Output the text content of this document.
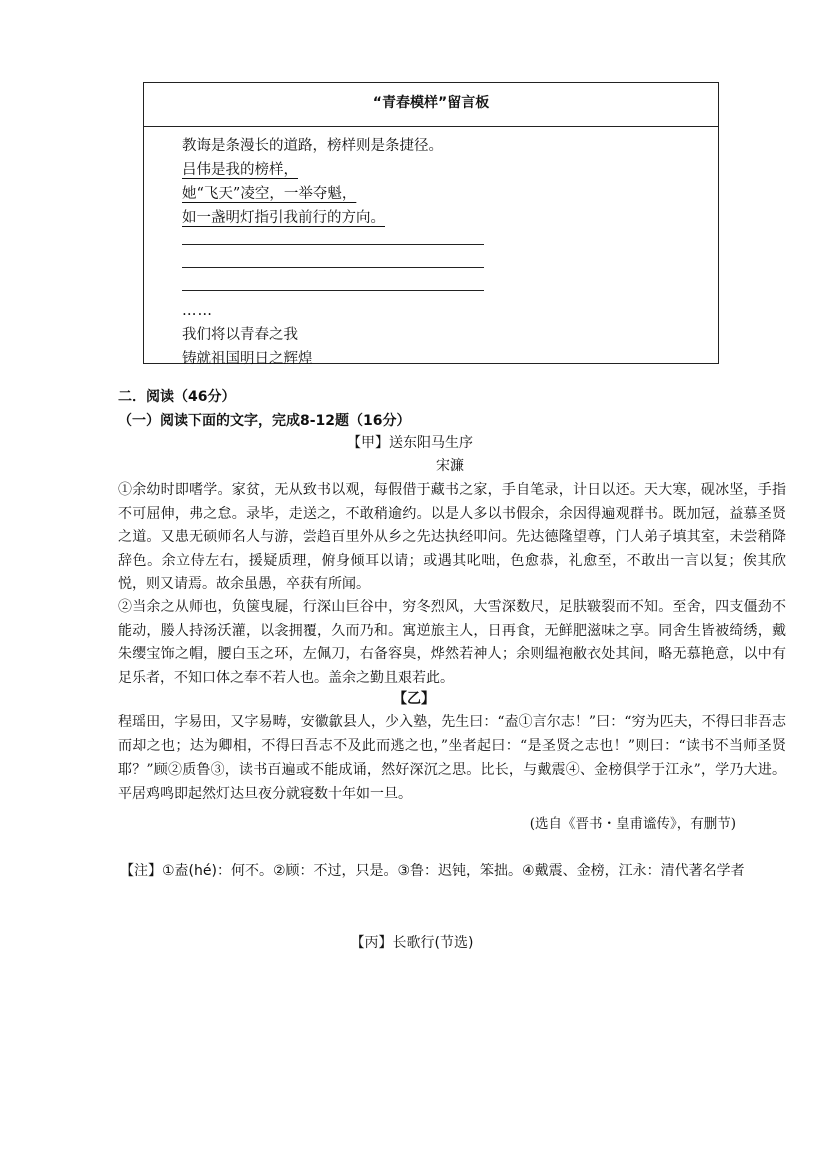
“青春模样”留言板
教诲是条漫长的道路，榜样则是条捷径。
吕伟是我的榜样，
她“飞天”凌空，一举夺魁，
如一盏明灯指引我前行的方向。
……
我们将以青春之我
铸就祖国明日之辉煌
二．阅读（46分）
（一）阅读下面的文字，完成8-12题（16分）
【甲】送东阳马生序
宋濂
①余幼时即嗜学。家贫，无从致书以观，每假借于藏书之家，手自笔录，计日以还。天大寒，砚冰坚，手指不可屈伸，弗之怠。录毕，走送之，不敢稍逾约。以是人多以书假余，余因得遍观群书。既加冠，益慕圣贤之道。又患无硕师名人与游，尝趋百里外从乡之先达执经叩问。先达德隆望尊，门人弟子填其室，未尝稍降辞色。余立侍左右，援疑质理，俯身倾耳以请；或遇其叱咄，色愈恭，礼愈至，不敢出一言以复；俟其欣悦，则又请焉。故余虽愚，卒获有所闻。
②当余之从师也，负箧曳屣，行深山巨谷中，穷冬烈风，大雪深数尺，足肤皲裂而不知。至舍，四支僵劲不能动，媵人持汤沃灌，以衾拥覆，久而乃和。寓逆旅主人，日再食，无鲜肥滋味之享。同舍生皆被绮绣，戴朱缨宝饰之帽，腰白玉之环，左佩刀，右备容臭，烨然若神人；余则缊袍敝衣处其间，略无慕艳意，以中有足乐者，不知口体之奉不若人也。盖余之勤且艰若此。
【乙】
程瑶田，字易田，又字易畴，安徽歙县人，少入塾，先生曰：“盍①言尔志！”曰：“穷为匹夫，不得曰非吾志而却之也；达为卿相，不得曰吾志不及此而逃之也，”坐者起曰：“是圣贤之志也！”则曰：“读书不当师圣贤耶？”顾②质鲁③，读书百遍或不能成诵，然好深沉之思。比长，与戴震④、金榜俱学于江永”，学乃大进。平居鸡鸣即起然灯达旦夜分就寝数十年如一旦。
(选自《晋书・皇甫谧传》，有删节)
【注】①盍(hé)：何不。②顾：不过，只是。③鲁：迟钝，笨拙。④戴震、金榜，江永：清代著名学者
【丙】长歌行(节选)
